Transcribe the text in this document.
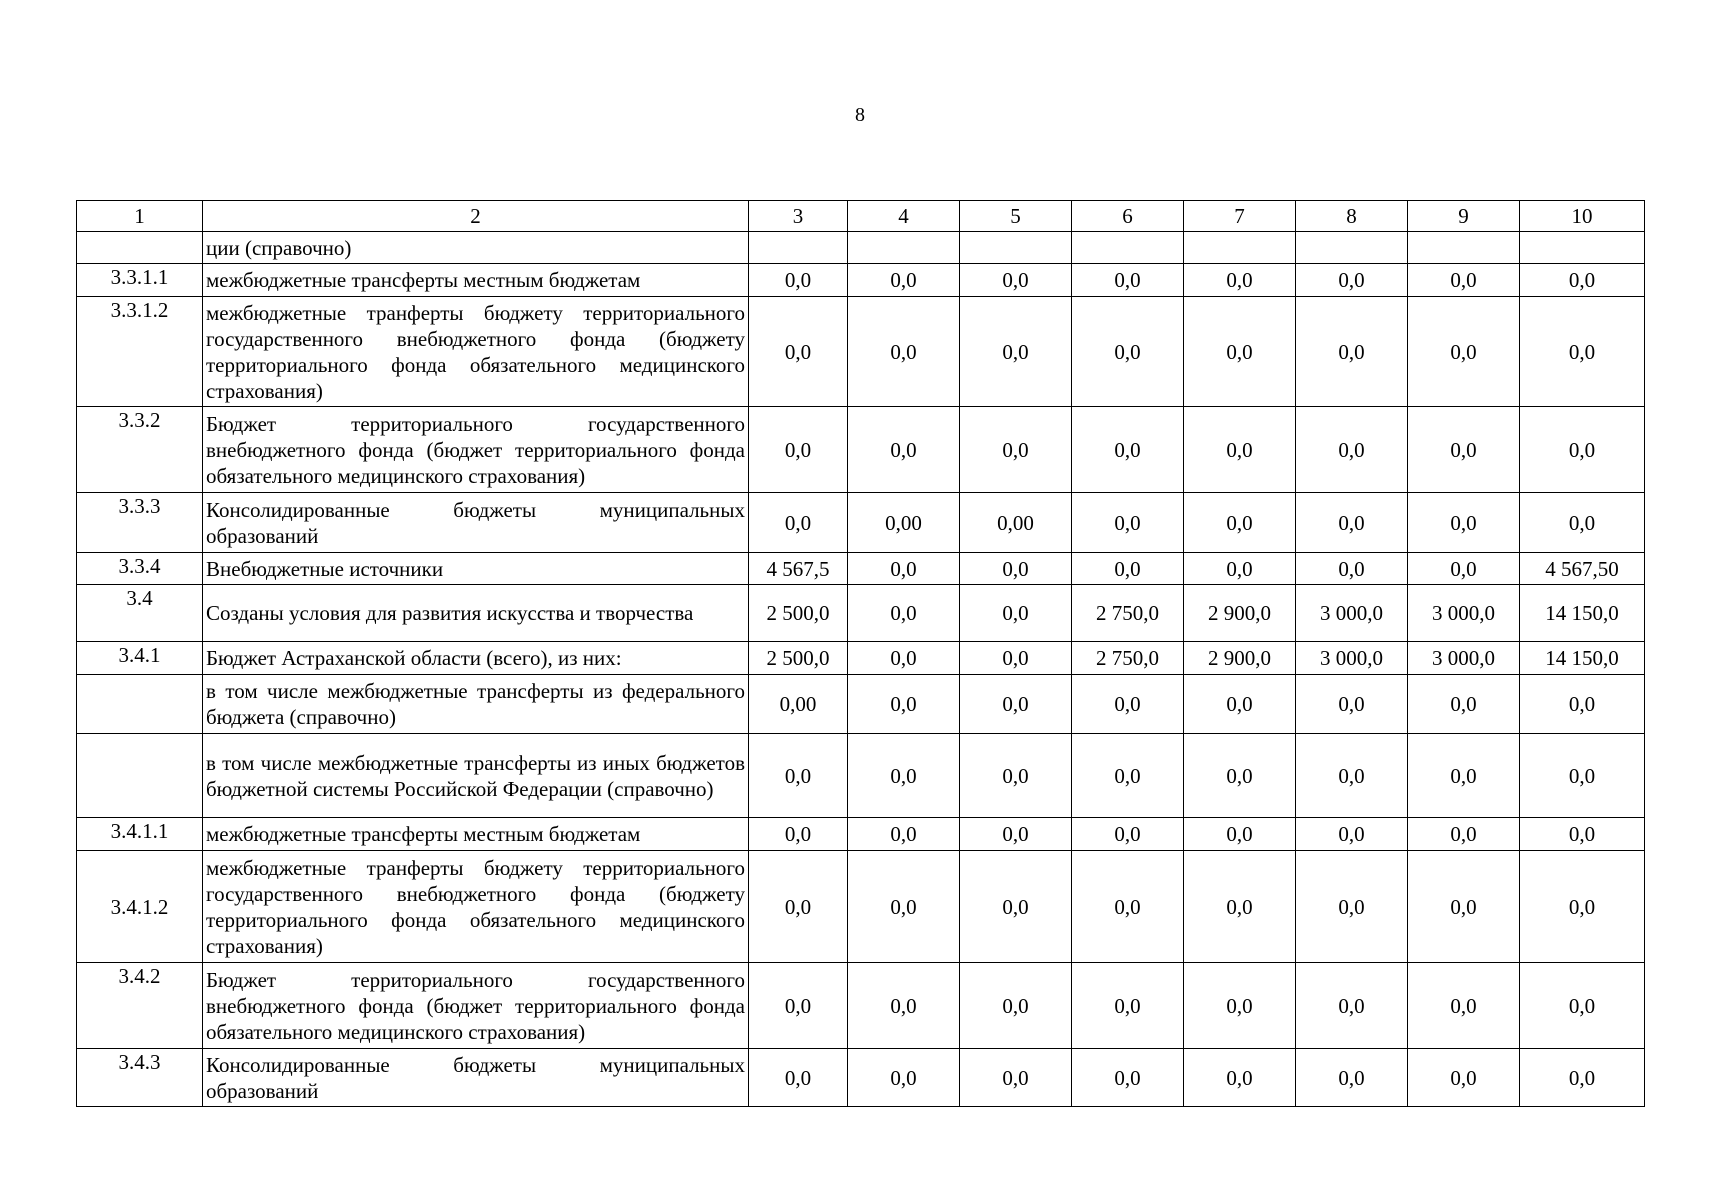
8
1	2	3	4	5	6	7	8	9	10
	ции (справочно)								
3.3.1.1	межбюджетные трансферты местным бюджетам	0,0	0,0	0,0	0,0	0,0	0,0	0,0	0,0
3.3.1.2	межбюджетные транферты бюджету территориального государственного внебюджетного фонда (бюджету территориального фонда обязательного медицинского страхования)	0,0	0,0	0,0	0,0	0,0	0,0	0,0	0,0
3.3.2	Бюджет территориального государственного внебюджетного фонда (бюджет территориального фонда обязательного медицинского страхования)	0,0	0,0	0,0	0,0	0,0	0,0	0,0	0,0
3.3.3	Консолидированные бюджеты муниципальных образований	0,0	0,00	0,00	0,0	0,0	0,0	0,0	0,0
3.3.4	Внебюджетные источники	4 567,5	0,0	0,0	0,0	0,0	0,0	0,0	4 567,50
3.4	Созданы условия для развития искусства и творчества	2 500,0	0,0	0,0	2 750,0	2 900,0	3 000,0	3 000,0	14 150,0
3.4.1	Бюджет Астраханской области (всего), из них:	2 500,0	0,0	0,0	2 750,0	2 900,0	3 000,0	3 000,0	14 150,0
	в том числе межбюджетные трансферты из федерального бюджета (справочно)	0,00	0,0	0,0	0,0	0,0	0,0	0,0	0,0
	в том числе межбюджетные трансферты из иных бюджетов бюджетной системы Российской Федерации (справочно)	0,0	0,0	0,0	0,0	0,0	0,0	0,0	0,0
3.4.1.1	межбюджетные трансферты местным бюджетам	0,0	0,0	0,0	0,0	0,0	0,0	0,0	0,0
3.4.1.2	межбюджетные транферты бюджету территориального государственного внебюджетного фонда (бюджету территориального фонда обязательного медицинского страхования)	0,0	0,0	0,0	0,0	0,0	0,0	0,0	0,0
3.4.2	Бюджет территориального государственного внебюджетного фонда (бюджет территориального фонда обязательного медицинского страхования)	0,0	0,0	0,0	0,0	0,0	0,0	0,0	0,0
3.4.3	Консолидированные бюджеты муниципальных образований	0,0	0,0	0,0	0,0	0,0	0,0	0,0	0,0
